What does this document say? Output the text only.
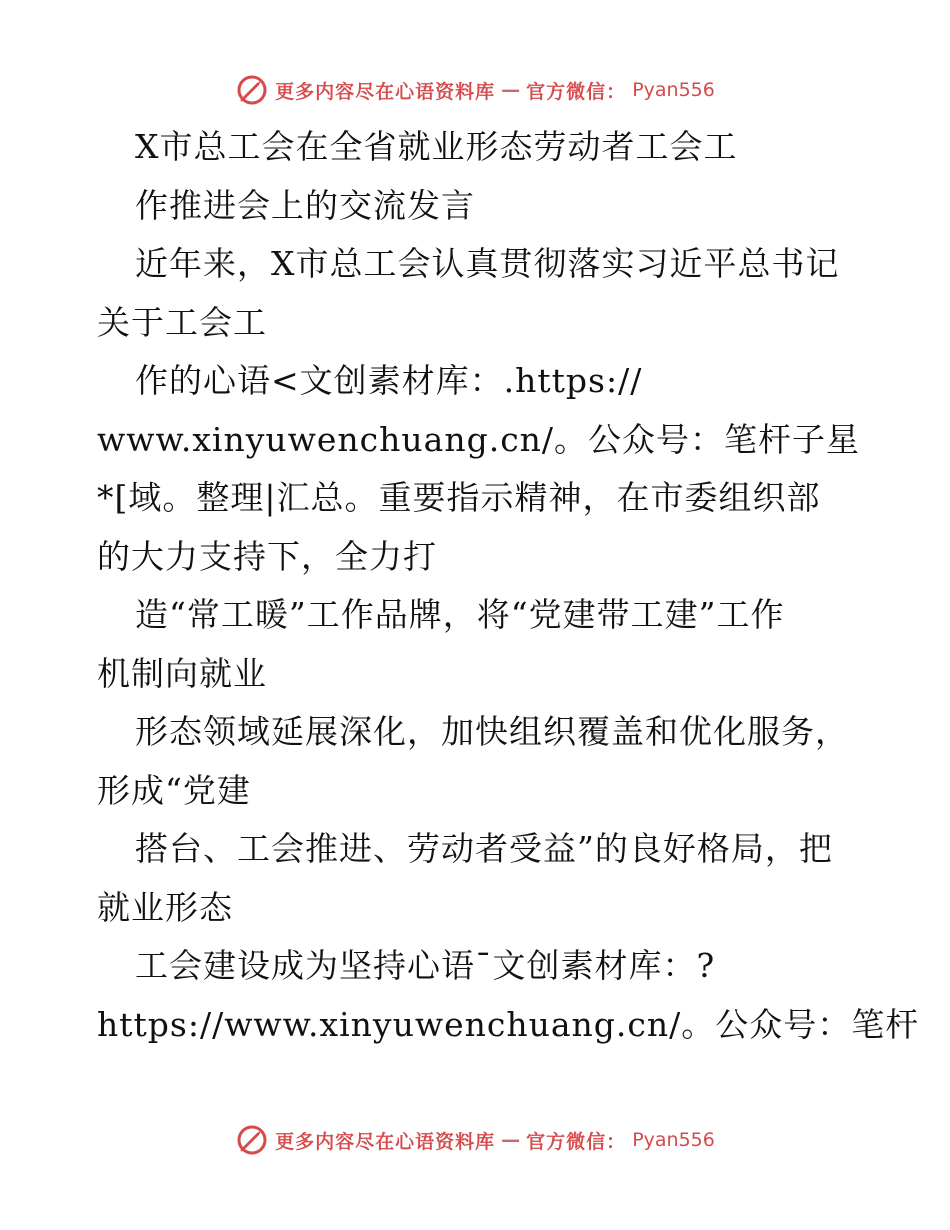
更多内容尽在心语资料库 — 官方微信： Pyan556
X市总工会在全省就业形态劳动者工会工
作推进会上的交流发言
近年来，X市总工会认真贯彻落实习近平总书记
关于工会工
作的心语<文创素材库：.https://
www.xinyuwenchuang.cn/。公众号：笔杆子星
*[域。整理|汇总。重要指示精神，在市委组织部
的大力支持下，全力打
造“常工暖”工作品牌，将“党建带工建”工作
机制向就业
形态领域延展深化，加快组织覆盖和优化服务，
形成“党建
搭台、工会推进、劳动者受益”的良好格局，把
就业形态
工会建设成为坚持心语¯文创素材库：?
https://www.xinyuwenchuang.cn/。公众号：笔杆
更多内容尽在心语资料库 — 官方微信： Pyan556
